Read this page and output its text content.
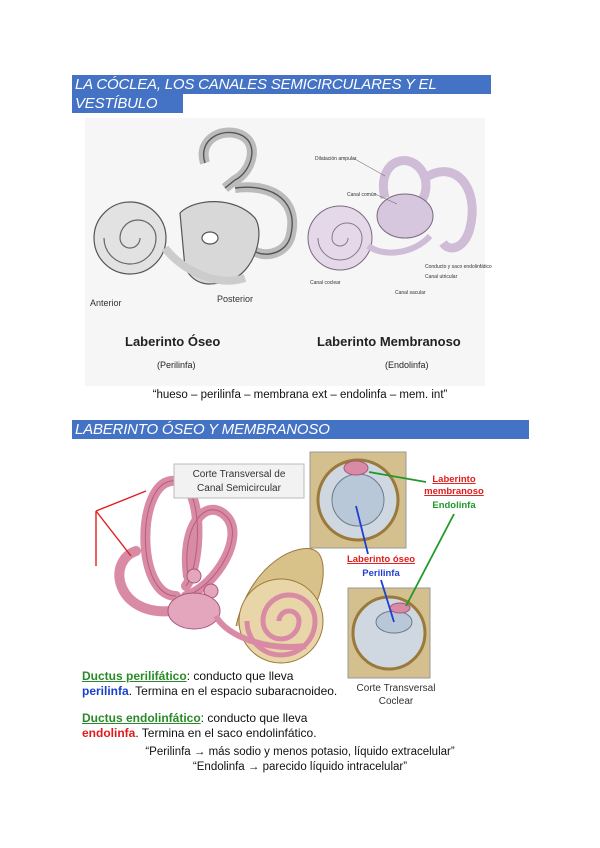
LA CÓCLEA, LOS CANALES SEMICIRCULARES Y EL
VESTÍBULO
Anterior	Posterior
Dilatación ampular
Canal común
Canal coclear
Canal utricular
Canal sacular
Conducto y saco endolinfático
Laberinto Óseo
(Perilinfa)
Laberinto Membranoso
(Endolinfa)
“hueso – perilinfa – membrana ext – endolinfa – mem. int”
LABERINTO ÓSEO Y MEMBRANOSO
Corte Transversal de
Canal Semicircular
Corte Transversal
Coclear
Laberinto
membranoso
Endolinfa
Laberinto óseo
Perilinfa
Ductus perilifático: conducto que lleva
perilinfa. Termina en el espacio subaracnoideo.
Ductus endolinfático: conducto que lleva
endolinfa. Termina en el saco endolinfático.
“Perilinfa → más sodio y menos potasio, líquido extracelular”
“Endolinfa → parecido líquido intracelular”
